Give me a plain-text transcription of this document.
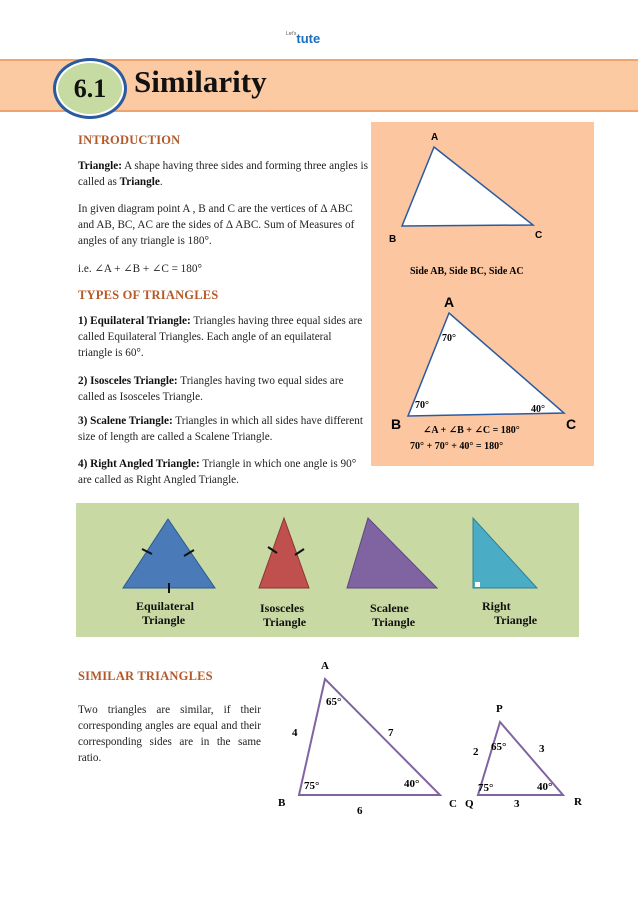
$^{Let's}$tute
6.1 Similarity
INTRODUCTION
Triangle: A shape having three sides and forming three angles is called as Triangle.
In given diagram point A , B and C are the vertices of Δ ABC and AB, BC, AC are the sides of Δ ABC. Sum of Measures of angles of any triangle is 180°.
i.e. ∠A + ∠B + ∠C = 180°
TYPES OF TRIANGLES
1) Equilateral Triangle: Triangles having three equal sides are called Equilateral Triangles. Each angle of an equilateral triangle is 60°.
2) Isosceles Triangle: Triangles having two equal sides are called as Isosceles Triangle.
3) Scalene Triangle: Triangles in which all sides have different size of length are called a Scalene Triangle.
4) Right Angled Triangle: Triangle in which one angle is 90° are called as Right Angled Triangle.
A
B	C
Side AB, Side BC, Side AC
A
B	C
70°
70°	40°
∠A + ∠B + ∠C = 180°
70° + 70° + 40° = 180°
Equilateral
Triangle
Isosceles
Triangle
Scalene
Triangle
Right
Triangle
SIMILAR TRIANGLES
Two triangles are similar, if their corresponding angles are equal and their corresponding sides are in the same ratio.
A
B	C
65°
75°	40°
4	7
6
P
Q	R
65°
75°	40°
2	3
3
